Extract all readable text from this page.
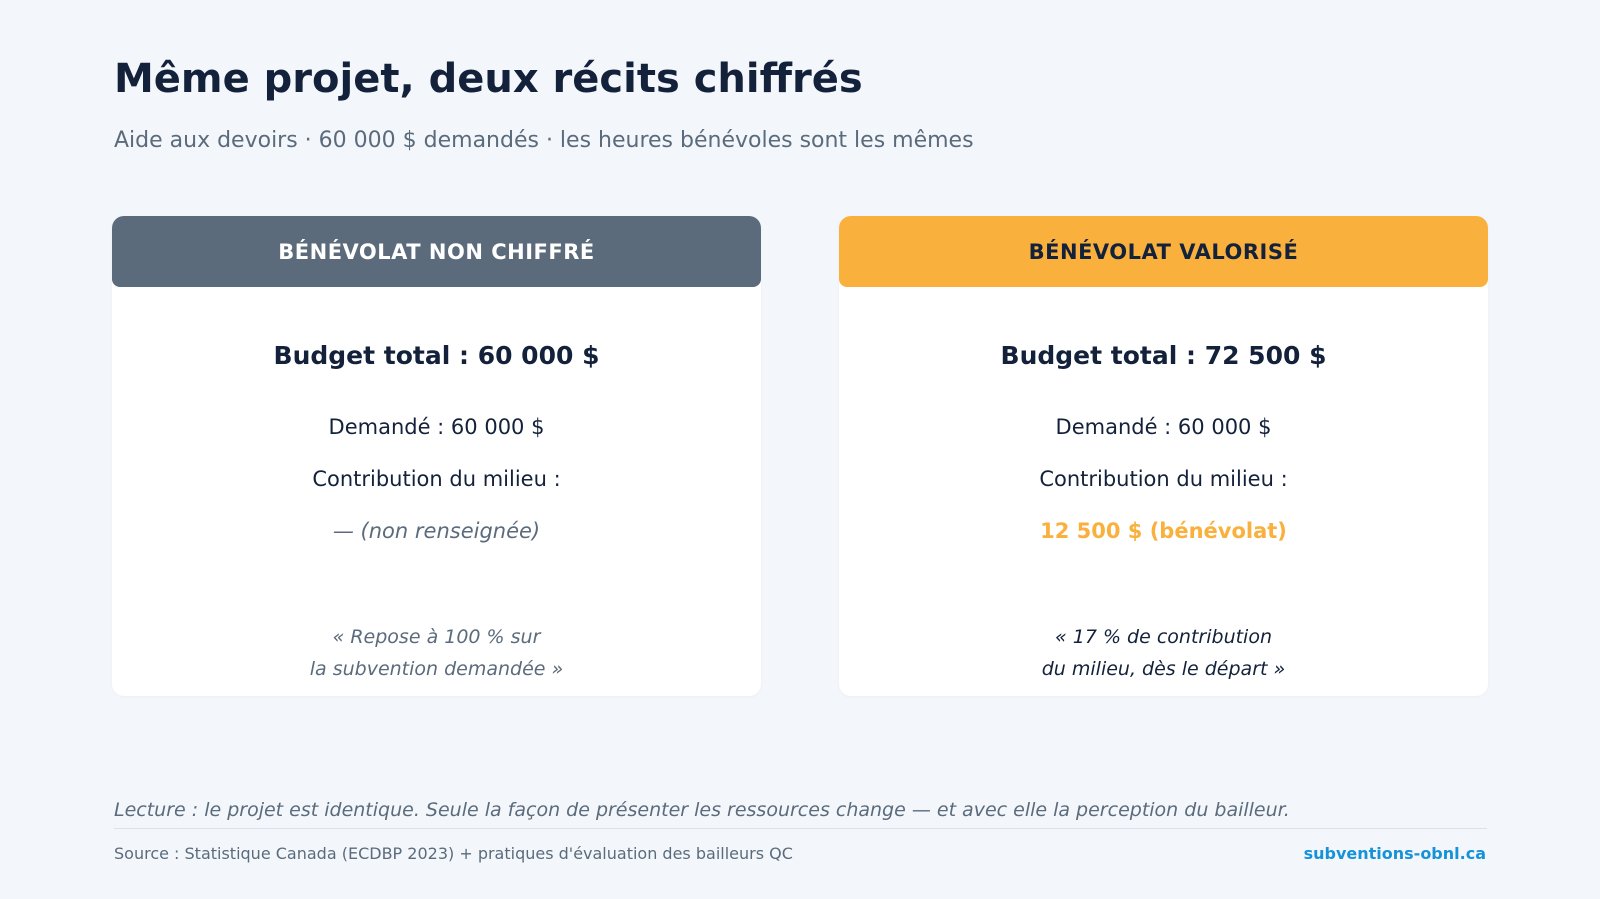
Même projet, deux récits chiffrés

Aide aux devoirs · 60 000 $ demandés · les heures bénévoles sont les mêmes

BÉNÉVOLAT NON CHIFFRÉ
Budget total : 60 000 $
Demandé : 60 000 $
Contribution du milieu :
— (non renseignée)
« Repose à 100 % sur
la subvention demandée »
BÉNÉVOLAT VALORISÉ
Budget total : 72 500 $
Demandé : 60 000 $
Contribution du milieu :
12 500 $ (bénévolat)
« 17 % de contribution
du milieu, dès le départ »

Lecture : le projet est identique. Seule la façon de présenter les ressources change — et avec elle la perception du bailleur.

Source : Statistique Canada (ECDBP 2023) + pratiques d'évaluation des bailleurs QC	subventions-obnl.ca
